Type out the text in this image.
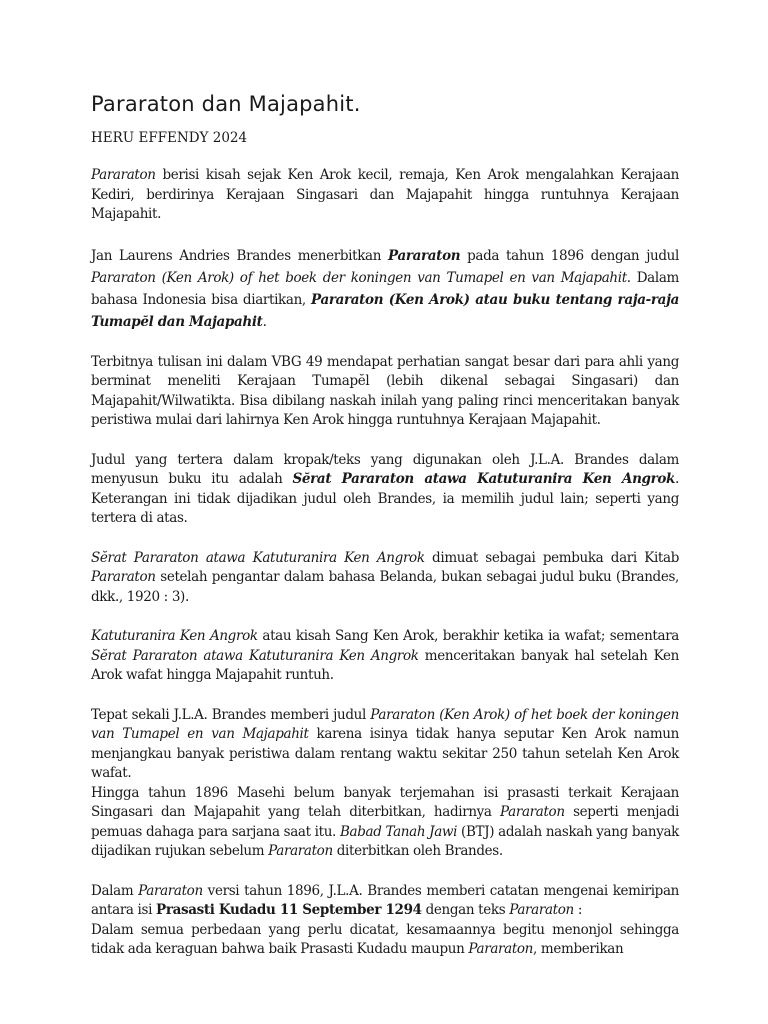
Pararaton dan Majapahit.
HERU EFFENDY 2024

Pararaton berisi kisah sejak Ken Arok kecil, remaja, Ken Arok mengalahkan Kerajaan Kediri, berdirinya Kerajaan Singasari dan Majapahit hingga runtuhnya Kerajaan Majapahit.

Jan Laurens Andries Brandes menerbitkan Pararaton pada tahun 1896 dengan judul Pararaton (Ken Arok) of het boek der koningen van Tumapel en van Majapahit. Dalam bahasa Indonesia bisa diartikan, Pararaton (Ken Arok) atau buku tentang raja-raja Tumapĕl dan Majapahit.

Terbitnya tulisan ini dalam VBG 49 mendapat perhatian sangat besar dari para ahli yang berminat meneliti Kerajaan Tumapĕl (lebih dikenal sebagai Singasari) dan Majapahit/Wilwatikta. Bisa dibilang naskah inilah yang paling rinci menceritakan banyak peristiwa mulai dari lahirnya Ken Arok hingga runtuhnya Kerajaan Majapahit.

Judul yang tertera dalam kropak/teks yang digunakan oleh J.L.A. Brandes dalam menyusun buku itu adalah Sĕrat Pararaton atawa Katuturanira Ken Angrok. Keterangan ini tidak dijadikan judul oleh Brandes, ia memilih judul lain; seperti yang tertera di atas.

Sĕrat Pararaton atawa Katuturanira Ken Angrok dimuat sebagai pembuka dari Kitab Pararaton setelah pengantar dalam bahasa Belanda, bukan sebagai judul buku (Brandes, dkk., 1920 : 3).

Katuturanira Ken Angrok atau kisah Sang Ken Arok, berakhir ketika ia wafat; sementara Sĕrat Pararaton atawa Katuturanira Ken Angrok menceritakan banyak hal setelah Ken Arok wafat hingga Majapahit runtuh.

Tepat sekali J.L.A. Brandes memberi judul Pararaton (Ken Arok) of het boek der koningen van Tumapel en van Majapahit karena isinya tidak hanya seputar Ken Arok namun menjangkau banyak peristiwa dalam rentang waktu sekitar 250 tahun setelah Ken Arok wafat.

Hingga tahun 1896 Masehi belum banyak terjemahan isi prasasti terkait Kerajaan Singasari dan Majapahit yang telah diterbitkan, hadirnya Pararaton seperti menjadi pemuas dahaga para sarjana saat itu. Babad Tanah Jawi (BTJ) adalah naskah yang banyak dijadikan rujukan sebelum Pararaton diterbitkan oleh Brandes.

Dalam Pararaton versi tahun 1896, J.L.A. Brandes memberi catatan mengenai kemiripan antara isi Prasasti Kudadu 11 September 1294 dengan teks Pararaton :

Dalam semua perbedaan yang perlu dicatat, kesamaannya begitu menonjol sehingga tidak ada keraguan bahwa baik Prasasti Kudadu maupun Pararaton, memberikan
